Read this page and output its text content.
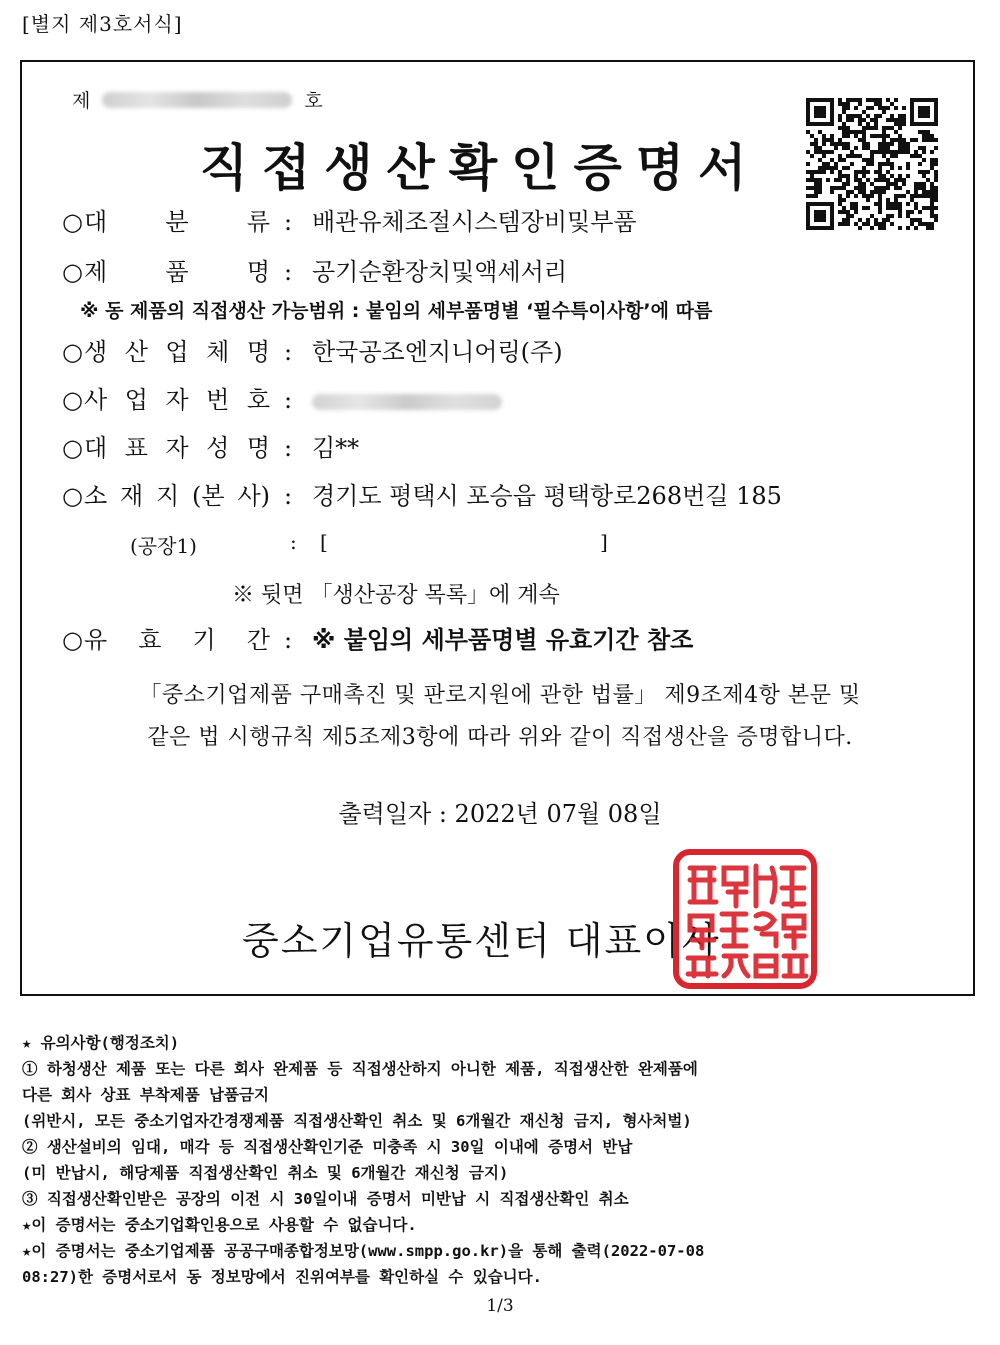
[별지 제3호서식]
제	호
직접생산확인증명서
○ 대 분 류 : 배관유체조절시스템장비및부품
○ 제 품 명 : 공기순환장치및액세서리
※ 동 제품의 직접생산 가능범위 : 붙임의 세부품명별 ‘필수특이사항’에 따름
○ 생 산 업 체 명 : 한국공조엔지니어링(주)
○ 사 업 자 번 호 :
○ 대 표 자 성 명 : 김**
○ 소 재 지 (본 사) : 경기도 평택시 포승읍 평택항로268번길 185
(공장1)	:	[	]
※ 뒷면 「생산공장 목록」에 계속
○ 유 효 기 간 : ※ 붙임의 세부품명별 유효기간 참조
「중소기업제품 구매촉진 및 판로지원에 관한 법률」 제9조제4항 본문 및
같은 법 시행규칙 제5조제3항에 따라 위와 같이 직접생산을 증명합니다.
출력일자 : 2022년 07월 08일
중소기업유통센터 대표이사
★ 유의사항(행정조치)
① 하청생산 제품 또는 다른 회사 완제품 등 직접생산하지 아니한 제품, 직접생산한 완제품에
다른 회사 상표 부착제품 납품금지
(위반시, 모든 중소기업자간경쟁제품 직접생산확인 취소 및 6개월간 재신청 금지, 형사처벌)
② 생산설비의 임대, 매각 등 직접생산확인기준 미충족 시 30일 이내에 증명서 반납
(미 반납시, 해당제품 직접생산확인 취소 및 6개월간 재신청 금지)
③ 직접생산확인받은 공장의 이전 시 30일이내 증명서 미반납 시 직접생산확인 취소
★이 증명서는 중소기업확인용으로 사용할 수 없습니다.
★이 증명서는 중소기업제품 공공구매종합정보망(www.smpp.go.kr)을 통해 출력(2022-07-08
08:27)한 증명서로서 동 정보망에서 진위여부를 확인하실 수 있습니다.
1/3
